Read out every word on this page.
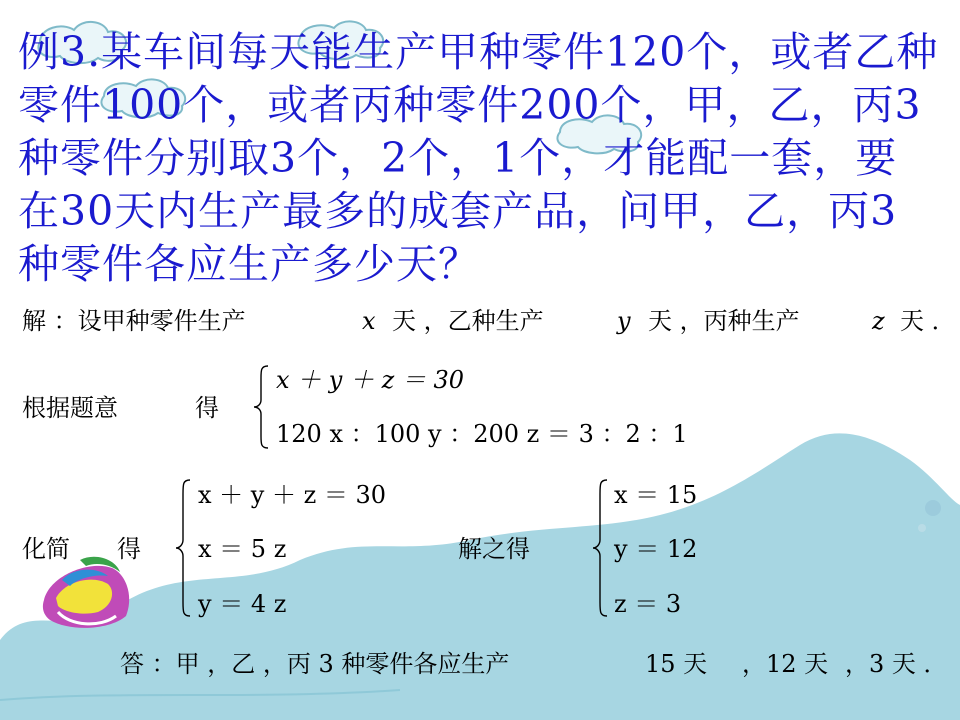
例3.某车间每天能生产甲种零件120个，或者乙种
零件100个，或者丙种零件200个，甲，乙，丙3
种零件分别取3个，2个，1个，才能配一套，要
在30天内生产最多的成套产品，问甲，乙，丙3
种零件各应生产多少天？
解 ：设甲种零件生产	x 天 ，乙种生产	y 天 ，丙种生产	z 天 ．
根据题意	得
x ＋ y ＋ z ＝ 30
120 x ：100 y ：200 z ＝ 3 ：2 ：1
化简 得
x ＋ y ＋ z ＝ 30
x ＝ 5 z
y ＝ 4 z
解之得
x ＝ 15
y ＝ 12
z ＝ 3
答 ：甲 ，乙 ，丙 3 种零件各应生产	15 天 ，12 天 ，3 天 ．
